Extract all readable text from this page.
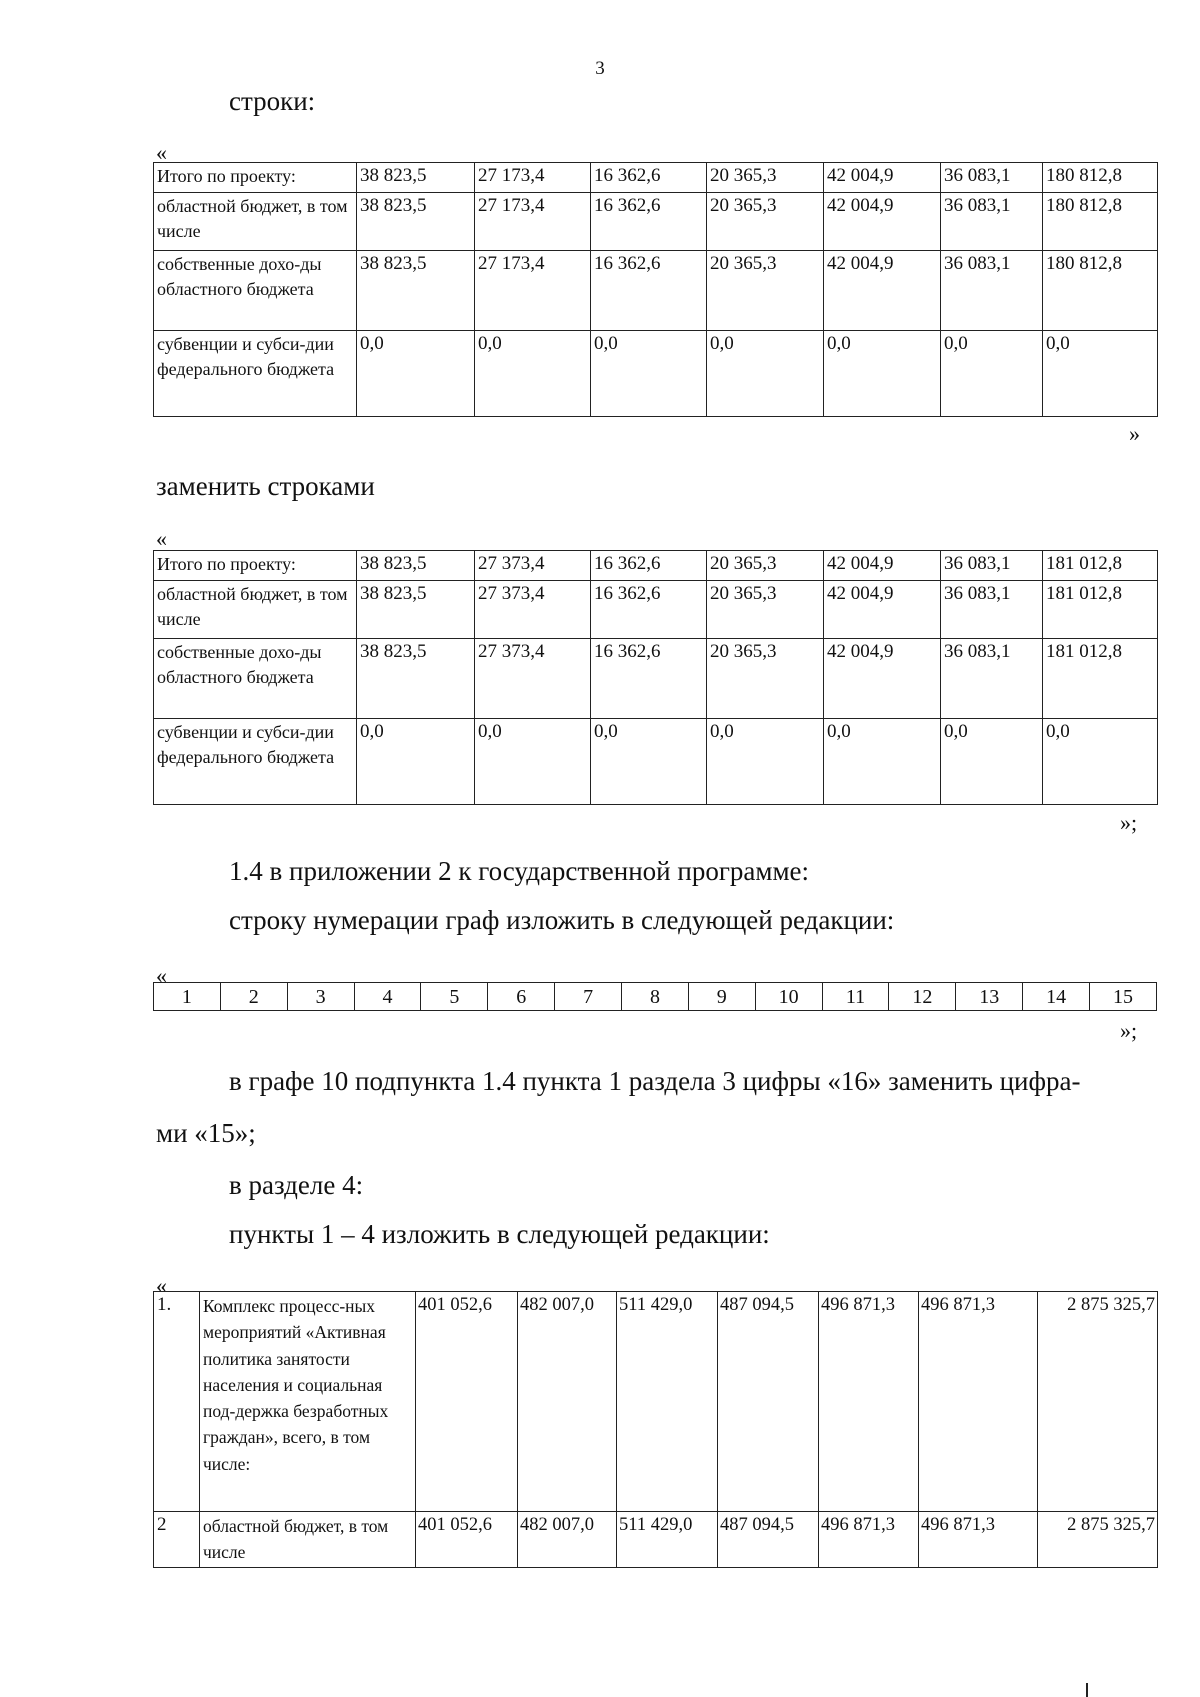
3
строки:
«
Итого по проекту:	38 823,5	27 173,4	16 362,6	20 365,3	42 004,9	36 083,1	180 812,8
областной бюджет, в том числе	38 823,5	27 173,4	16 362,6	20 365,3	42 004,9	36 083,1	180 812,8
собственные дохо-ды областного бюджета	38 823,5	27 173,4	16 362,6	20 365,3	42 004,9	36 083,1	180 812,8
субвенции и субси-дии федерального бюджета	0,0	0,0	0,0	0,0	0,0	0,0	0,0
»
заменить строками
«
Итого по проекту:	38 823,5	27 373,4	16 362,6	20 365,3	42 004,9	36 083,1	181 012,8
областной бюджет, в том числе	38 823,5	27 373,4	16 362,6	20 365,3	42 004,9	36 083,1	181 012,8
собственные дохо-ды областного бюджета	38 823,5	27 373,4	16 362,6	20 365,3	42 004,9	36 083,1	181 012,8
субвенции и субси-дии федерального бюджета	0,0	0,0	0,0	0,0	0,0	0,0	0,0
»;
1.4 в приложении 2 к государственной программе:
строку нумерации граф изложить в следующей редакции:
«
1	2	3	4	5	6	7	8	9	10	11	12	13	14	15
»;
в графе 10 подпункта 1.4 пункта 1 раздела 3 цифры «16» заменить цифра-
ми «15»;
в разделе 4:
пункты 1 – 4 изложить в следующей редакции:
«
1.	Комплекс процесс-ных мероприятий «Активная политика занятости населения и социальная под-держка безработных граждан», всего, в том числе:	401 052,6	482 007,0	511 429,0	487 094,5	496 871,3	496 871,3	2 875 325,7
2	областной бюджет, в том числе	401 052,6	482 007,0	511 429,0	487 094,5	496 871,3	496 871,3	2 875 325,7
